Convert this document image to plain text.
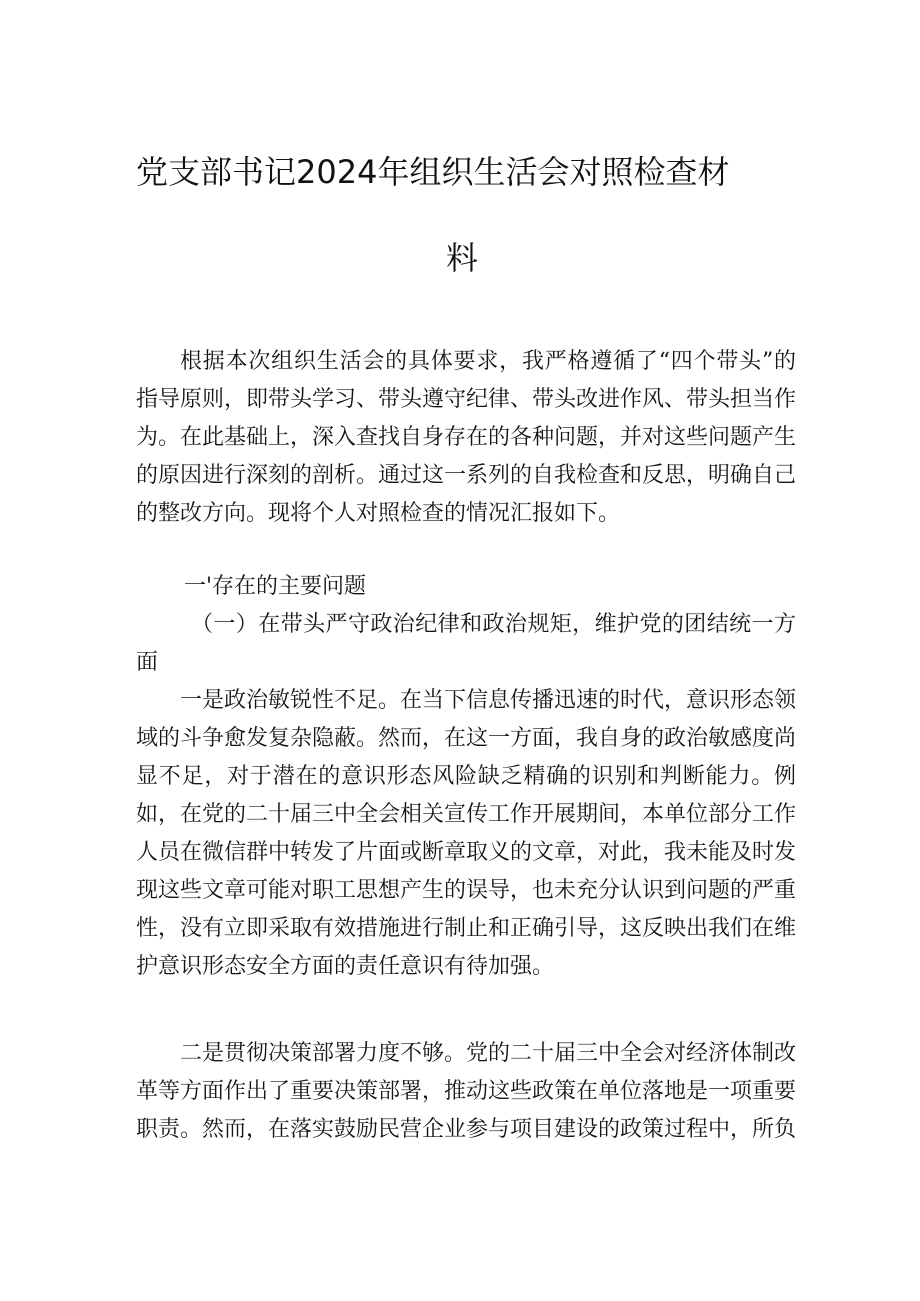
党支部书记2024年组织生活会对照检查材
料

根据本次组织生活会的具体要求，我严格遵循了“四个带头”的指导原则，即带头学习、带头遵守纪律、带头改进作风、带头担当作为。在此基础上，深入查找自身存在的各种问题，并对这些问题产生的原因进行深刻的剖析。通过这一系列的自我检查和反思，明确自己的整改方向。现将个人对照检查的情况汇报如下。

一'存在的主要问题

（一）在带头严守政治纪律和政治规矩，维护党的团结统一方面

一是政治敏锐性不足。在当下信息传播迅速的时代，意识形态领域的斗争愈发复杂隐蔽。然而，在这一方面，我自身的政治敏感度尚显不足，对于潜在的意识形态风险缺乏精确的识别和判断能力。例如，在党的二十届三中全会相关宣传工作开展期间，本单位部分工作人员在微信群中转发了片面或断章取义的文章，对此，我未能及时发现这些文章可能对职工思想产生的误导，也未充分认识到问题的严重性，没有立即采取有效措施进行制止和正确引导，这反映出我们在维护意识形态安全方面的责任意识有待加强。

二是贯彻决策部署力度不够。党的二十届三中全会对经济体制改革等方面作出了重要决策部署，推动这些政策在单位落地是一项重要职责。然而，在落实鼓励民营企业参与项目建设的政策过程中，所负
